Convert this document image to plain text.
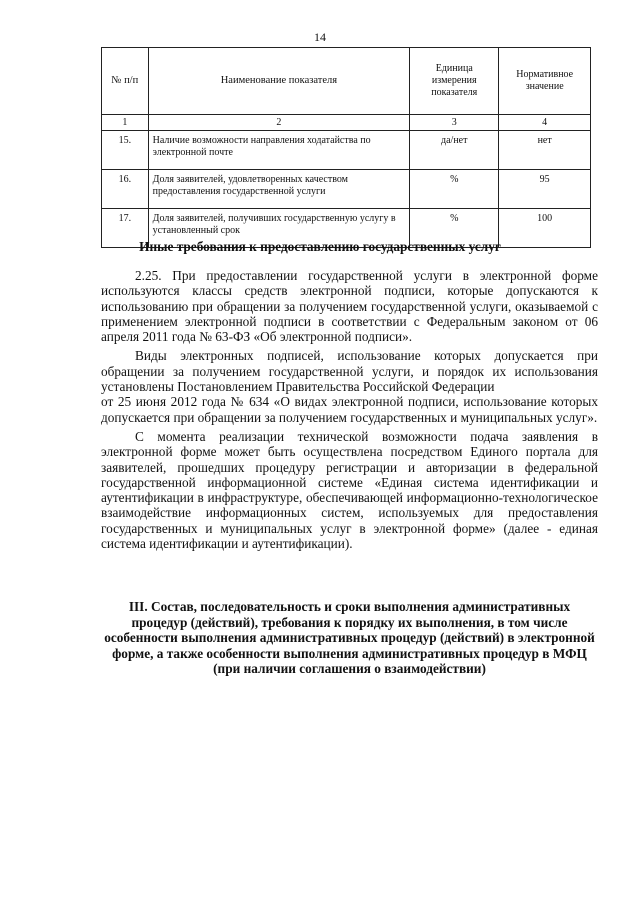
14
№ п/п	Наименование показателя	Единица измерения показателя	Нормативное значение
1	2	3	4
15.	Наличие возможности направления ходатайства по электронной почте	да/нет	нет
16.	Доля заявителей, удовлетворенных качеством предоставления государственной услуги	%	95
17.	Доля заявителей, получивших государственную услугу в установленный срок	%	100
Иные требования к предоставлению государственных услуг

2.25. При предоставлении государственной услуги в электронной форме используются классы средств электронной подписи, которые допускаются к использованию при обращении за получением государственной услуги, оказываемой с применением электронной подписи в соответствии с Федеральным законом от 06 апреля 2011 года № 63-ФЗ «Об электронной подписи».

Виды электронных подписей, использование которых допускается при обращении за получением государственной услуги, и порядок их использования установлены Постановлением Правительства Российской Федерации

от 25 июня 2012 года № 634 «О видах электронной подписи, использование которых допускается при обращении за получением государственных и муниципальных услуг».

С момента реализации технической возможности подача заявления в электронной форме может быть осуществлена посредством Единого портала для заявителей, прошедших процедуру регистрации и авторизации в федеральной государственной информационной системе «Единая система идентификации и аутентификации в инфраструктуре, обеспечивающей информационно-технологическое взаимодействие информационных систем, используемых для предоставления государственных и муниципальных услуг в электронной форме» (далее - единая система идентификации и аутентификации).

III. Состав, последовательность и сроки выполнения административных процедур (действий), требования к порядку их выполнения, в том числе особенности выполнения административных процедур (действий) в электронной форме, а также особенности выполнения административных процедур в МФЦ (при наличии соглашения о взаимодействии)
